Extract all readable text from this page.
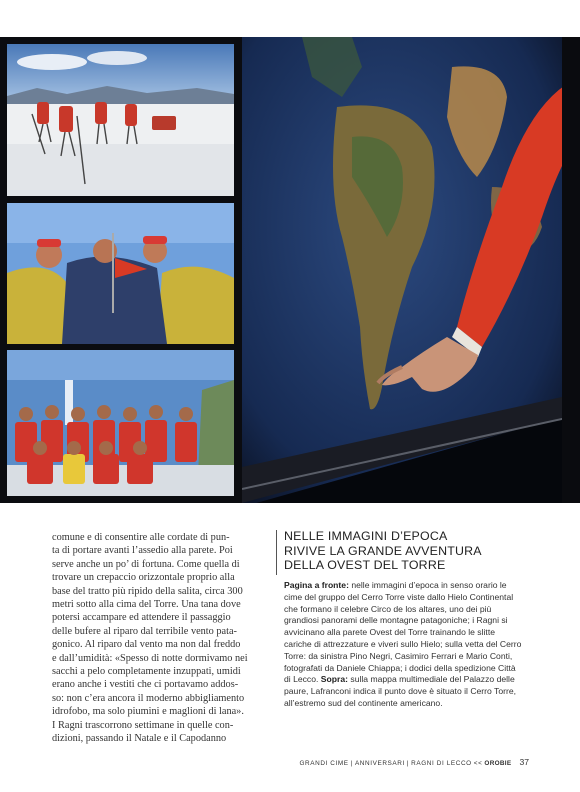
comune e di consentire alle cordate di pun-
ta di portare avanti l’assedio alla parete. Poi
serve anche un po’ di fortuna. Come quella di
trovare un crepaccio orizzontale proprio alla
base del tratto più ripido della salita, circa 300
metri sotto alla cima del Torre. Una tana dove
potersi accampare ed attendere il passaggio
delle bufere al riparo dal terribile vento pata-
gonico. Al riparo dal vento ma non dal freddo
e dall’umidità: «Spesso di notte dormivamo nei
sacchi a pelo completamente inzuppati, umidi
erano anche i vestiti che ci portavamo addos-
so: non c’era ancora il moderno abbigliamento
idrofobo, ma solo piumini e maglioni di lana».
I Ragni trascorrono settimane in quelle con-
dizioni, passando il Natale e il Capodanno
NELLE IMMAGINI D’EPOCA
RIVIVE LA GRANDE AVVENTURA
DELLA OVEST DEL TORRE
Pagina a fronte: nelle immagini d’epoca in senso orario le cime del gruppo del Cerro Torre viste dallo Hielo Continental che formano il celebre Circo de los altares, uno dei più grandiosi panorami delle montagne patagoniche; i Ragni si avvicinano alla parete Ovest del Torre trainando le slitte cariche di attrezzature e viveri sullo Hielo; sulla vetta del Cerro Torre: da sinistra Pino Negri, Casimiro Ferrari e Mario Conti, fotografati da Daniele Chiappa; i dodici della spedizione Città di Lecco. Sopra: sulla mappa multimediale del Palazzo delle paure, Lafranconi indica il punto dove è situato il Cerro Torre, all’estremo sud del continente americano.
GRANDI CIME | ANNIVERSARI | RAGNI DI LECCO << OROBIE 37
